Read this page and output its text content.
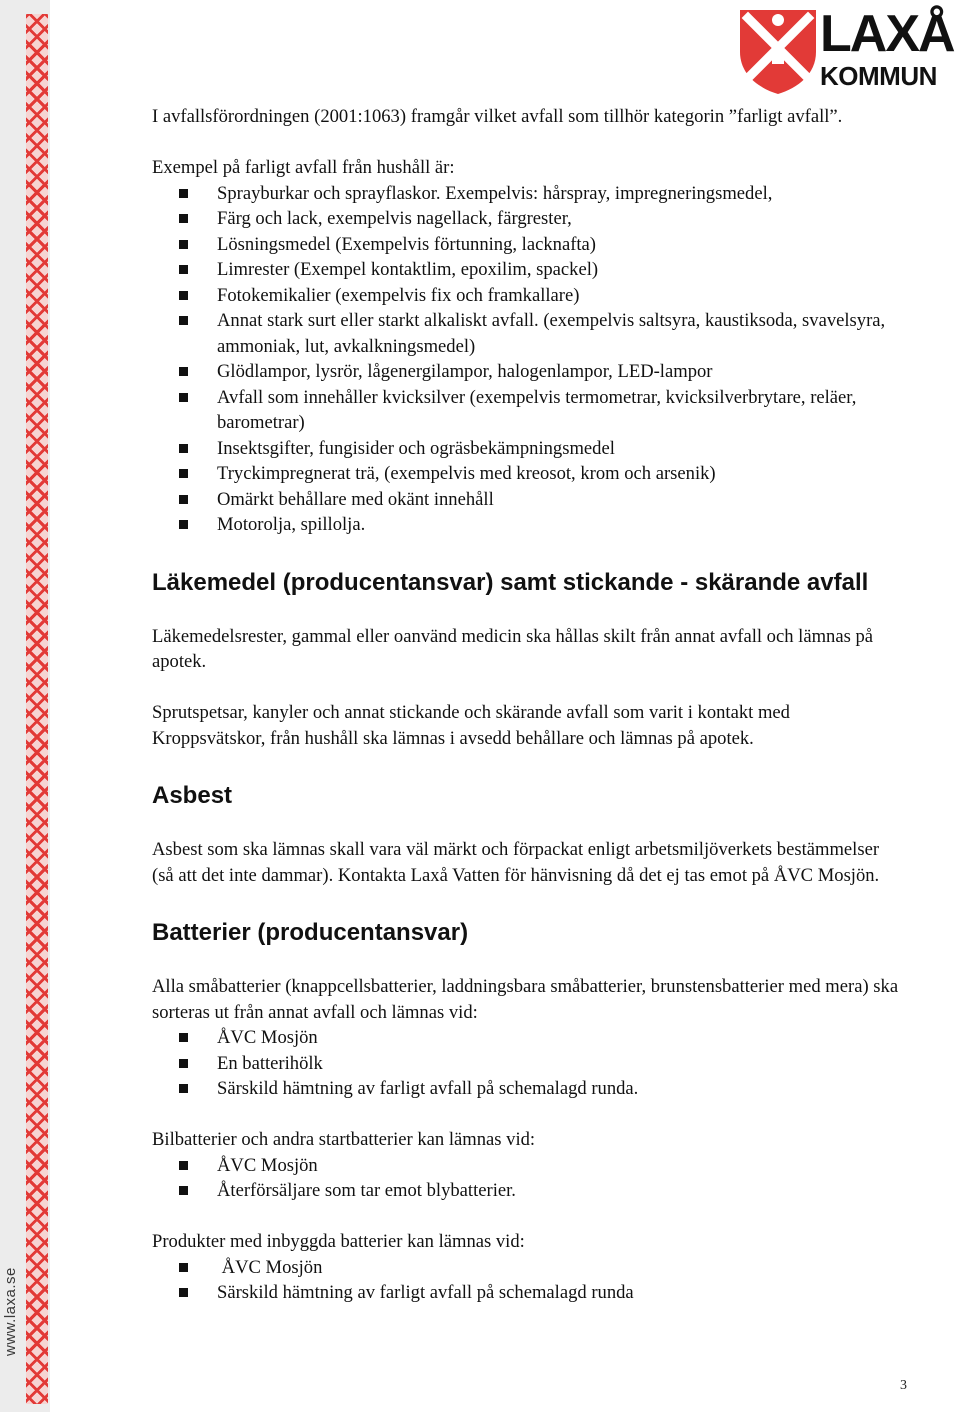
www.laxa.se
LAXÅ
KOMMUN

I avfallsförordningen (2001:1063) framgår vilket avfall som tillhör kategorin ”farligt avfall”.

Exempel på farligt avfall från hushåll är:

Sprayburkar och sprayflaskor. Exempelvis: hårspray, impregneringsmedel,
Färg och lack, exempelvis nagellack, färgrester,
Lösningsmedel (Exempelvis förtunning, lacknafta)
Limrester (Exempel kontaktlim, epoxilim, spackel)
Fotokemikalier (exempelvis fix och framkallare)
Annat stark surt eller starkt alkaliskt avfall. (exempelvis saltsyra, kaustiksoda, svavelsyra, ammoniak, lut, avkalkningsmedel)
Glödlampor, lysrör, lågenergilampor, halogenlampor, LED-lampor
Avfall som innehåller kvicksilver (exempelvis termometrar, kvicksilverbrytare, reläer, barometrar)
Insektsgifter, fungisider och ogräsbekämpningsmedel
Tryckimpregnerat trä, (exempelvis med kreosot, krom och arsenik)
Omärkt behållare med okänt innehåll
Motorolja, spillolja.
Läkemedel (producentansvar) samt stickande - skärande avfall

Läkemedelsrester, gammal eller oanvänd medicin ska hållas skilt från annat avfall och lämnas på apotek.

Sprutspetsar, kanyler och annat stickande och skärande avfall som varit i kontakt med Kroppsvätskor, från hushåll ska lämnas i avsedd behållare och lämnas på apotek.

Asbest

Asbest som ska lämnas skall vara väl märkt och förpackat enligt arbetsmiljöverkets bestämmelser (så att det inte dammar). Kontakta Laxå Vatten för hänvisning då det ej tas emot på ÅVC Mosjön.

Batterier (producentansvar)

Alla småbatterier (knappcellsbatterier, laddningsbara småbatterier, brunstensbatterier med mera) ska sorteras ut från annat avfall och lämnas vid:

ÅVC Mosjön
En batterihölk
Särskild hämtning av farligt avfall på schemalagd runda.

Bilbatterier och andra startbatterier kan lämnas vid:

ÅVC Mosjön
Återförsäljare som tar emot blybatterier.

Produkter med inbyggda batterier kan lämnas vid:

ÅVC Mosjön
Särskild hämtning av farligt avfall på schemalagd runda
3
